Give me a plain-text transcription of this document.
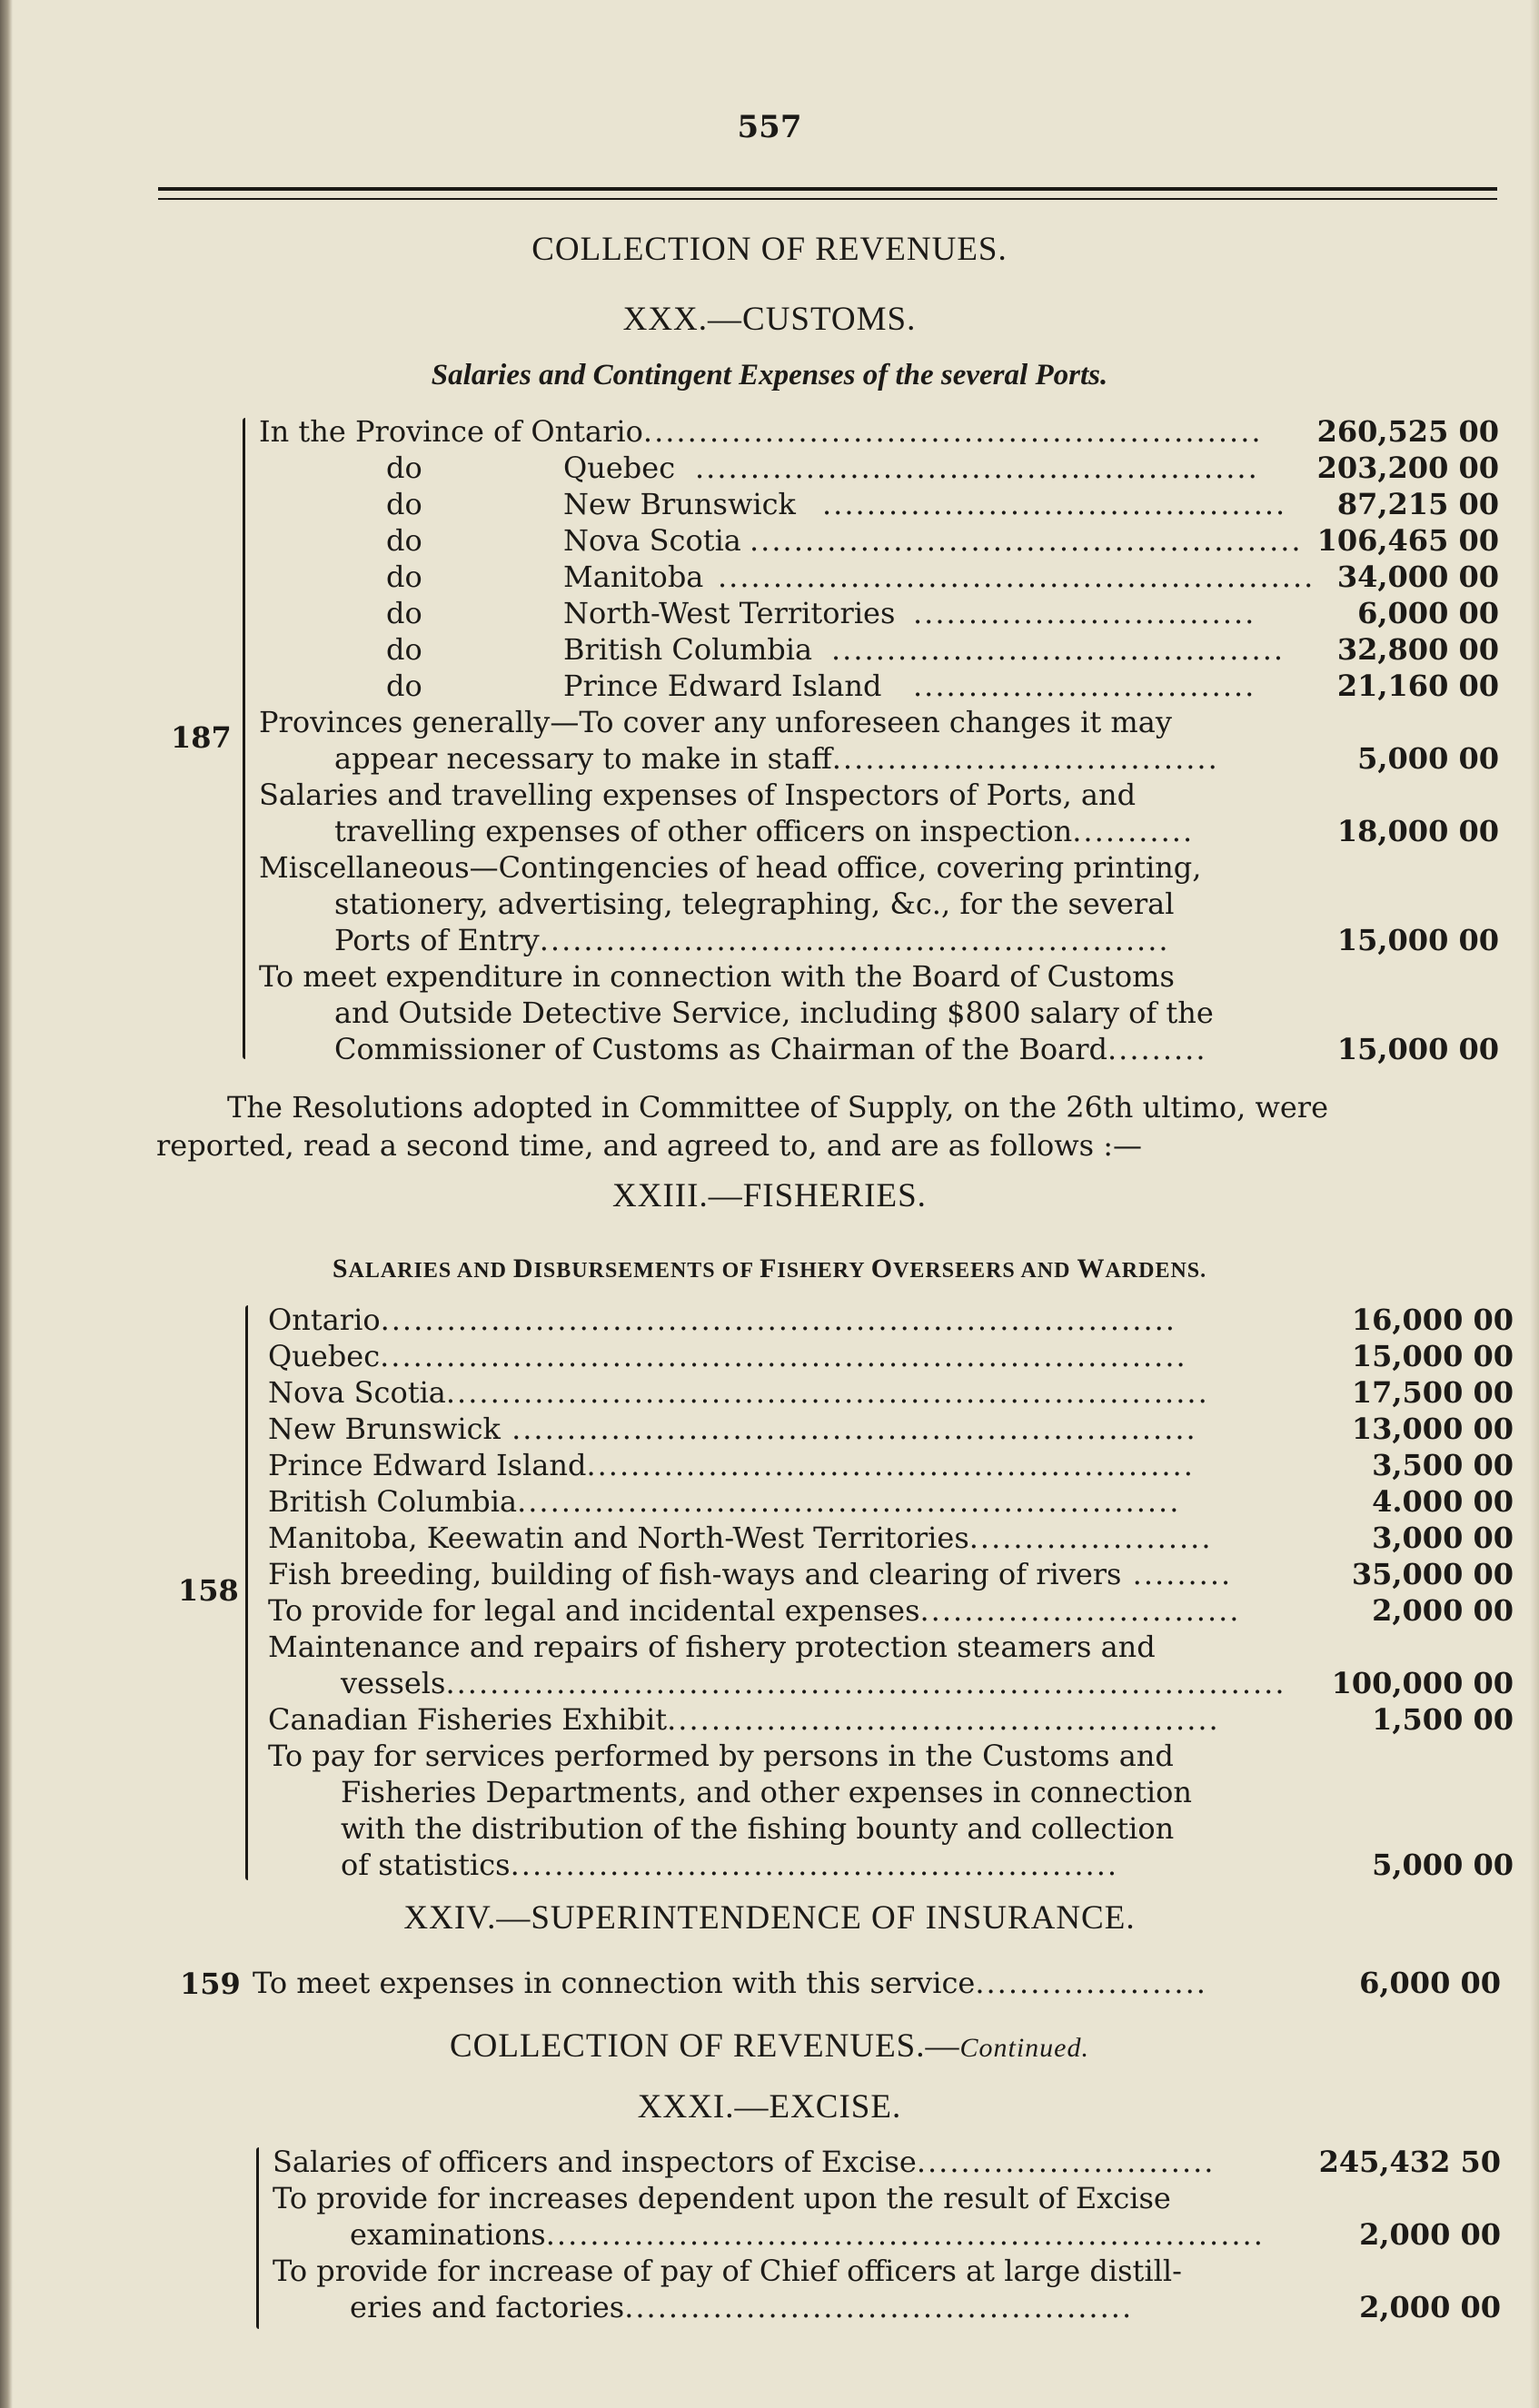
557
COLLECTION OF REVENUES.
XXX.—CUSTOMS.
Salaries and Contingent Expenses of the several Ports.
187
In the Province of Ontario........................................................	260,525 00
do	Quebec ...................................................	203,200 00
do	New Brunswick ..........................................	87,215 00
do	Nova Scotia .................................................. 106,465 00
do	Manitoba ...................................................... 34,000 00
do	North-West Territories ...............................	6,000 00
do	British Columbia .........................................	32,800 00
do	Prince Edward Island ...............................	21,160 00
Provinces generally—To cover any unforeseen changes it may
appear necessary to make in staff...................................	5,000 00
Salaries and travelling expenses of Inspectors of Ports, and
travelling expenses of other officers on inspection...........	18,000 00
Miscellaneous—Contingencies of head office, covering printing,
stationery, advertising, telegraphing, &c., for the several
Ports of Entry.........................................................	15,000 00
To meet expenditure in connection with the Board of Customs
and Outside Detective Service, including $800 salary of the
Commissioner of Customs as Chairman of the Board.........	15,000 00
The Resolutions adopted in Committee of Supply, on the 26th ultimo, were
reported, read a second time, and agreed to, and are as follows :—
XXIII.—FISHERIES.
SALARIES AND DISBURSEMENTS OF FISHERY OVERSEERS AND WARDENS.
158
Ontario........................................................................	16,000 00
Quebec.........................................................................	15,000 00
Nova Scotia.....................................................................	17,500 00
New Brunswick ..............................................................	13,000 00
Prince Edward Island.......................................................	3,500 00
British Columbia............................................................	4.000 00
Manitoba, Keewatin and North-West Territories......................	3,000 00
Fish breeding, building of fish-ways and clearing of rivers .........	35,000 00
To provide for legal and incidental expenses.............................	2,000 00
Maintenance and repairs of fishery protection steamers and
vessels............................................................................	100,000 00
Canadian Fisheries Exhibit..................................................	1,500 00
To pay for services performed by persons in the Customs and
Fisheries Departments, and other expenses in connection
with the distribution of the fishing bounty and collection
of statistics.......................................................	5,000 00
XXIV.—SUPERINTENDENCE OF INSURANCE.
159 To meet expenses in connection with this service.....................	6,000 00
COLLECTION OF REVENUES.—Continued.
XXXI.—EXCISE.
Salaries of officers and inspectors of Excise...........................	245,432 50
To provide for increases dependent upon the result of Excise
examinations.................................................................	2,000 00
To provide for increase of pay of Chief officers at large distill-
eries and factories..............................................	2,000 00
